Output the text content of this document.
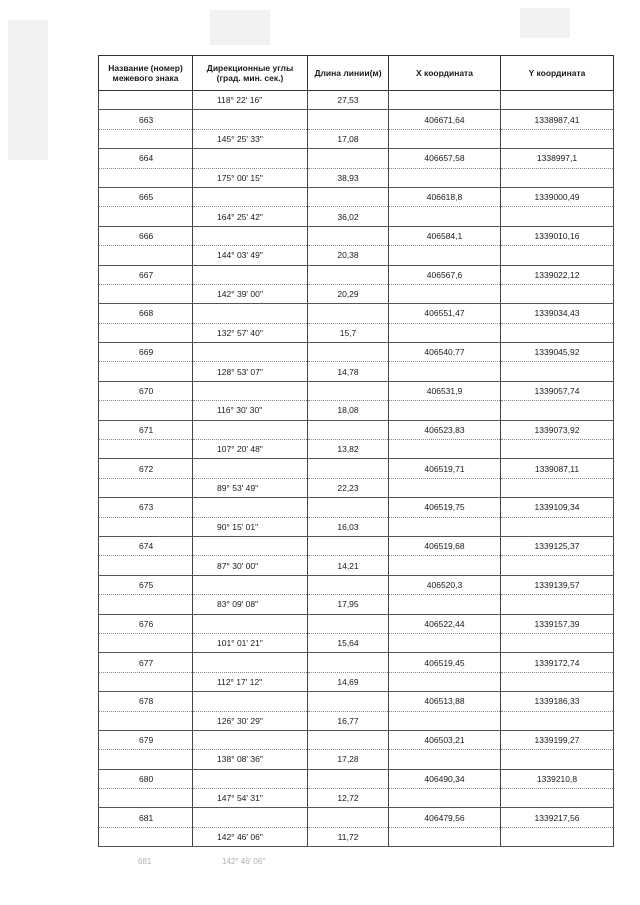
Название (номер) межевого знака	Дирекционные углы (град. мин. сек.)	Длина линии(м)	X координата	Y координата
	118° 22' 16"	27,53		
663			406671,64	1338987,41
	145° 25' 33"	17,08		
664			406657,58	1338997,1
	175° 00' 15"	38,93		
665			406618,8	1339000,49
	164° 25' 42"	36,02		
666			406584,1	1339010,16
	144° 03' 49"	20,38		
667			406567,6	1339022,12
	142° 39' 00"	20,29		
668			406551,47	1339034,43
	132° 57' 40"	15,7		
669			406540,77	1339045,92
	128° 53' 07"	14,78		
670			406531,9	1339057,74
	116° 30' 30"	18,08		
671			406523,83	1339073,92
	107° 20' 48"	13,82		
672			406519,71	1339087,11
	89° 53' 49"	22,23		
673			406519,75	1339109,34
	90° 15' 01"	16,03		
674			406519,68	1339125,37
	87° 30' 00"	14,21		
675			406520,3	1339139,57
	83° 09' 08"	17,95		
676			406522,44	1339157,39
	101° 01' 21"	15,64		
677			406519,45	1339172,74
	112° 17' 12"	14,69		
678			406513,88	1339186,33
	126° 30' 29"	16,77		
679			406503,21	1339199,27
	138° 08' 36"	17,28		
680			406490,34	1339210,8
	147° 54' 31"	12,72		
681			406479,56	1339217,56
	142° 46' 06"	11,72		
681	142° 46' 06"
